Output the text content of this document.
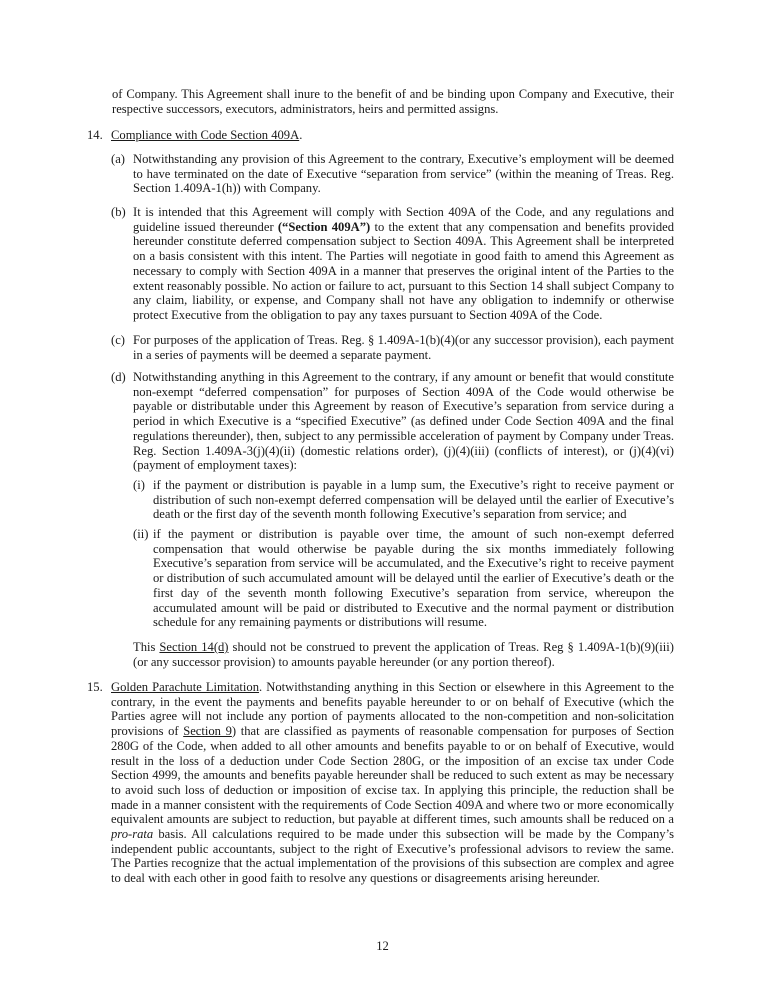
of Company. This Agreement shall inure to the benefit of and be binding upon Company and Executive, their respective successors, executors, administrators, heirs and permitted assigns.
14. Compliance with Code Section 409A.
(a) Notwithstanding any provision of this Agreement to the contrary, Executive’s employment will be deemed to have terminated on the date of Executive “separation from service” (within the meaning of Treas. Reg. Section 1.409A-1(h)) with Company.
(b) It is intended that this Agreement will comply with Section 409A of the Code, and any regulations and guideline issued thereunder (“Section 409A”) to the extent that any compensation and benefits provided hereunder constitute deferred compensation subject to Section 409A. This Agreement shall be interpreted on a basis consistent with this intent. The Parties will negotiate in good faith to amend this Agreement as necessary to comply with Section 409A in a manner that preserves the original intent of the Parties to the extent reasonably possible. No action or failure to act, pursuant to this Section 14 shall subject Company to any claim, liability, or expense, and Company shall not have any obligation to indemnify or otherwise protect Executive from the obligation to pay any taxes pursuant to Section 409A of the Code.
(c) For purposes of the application of Treas. Reg. § 1.409A-1(b)(4)(or any successor provision), each payment in a series of payments will be deemed a separate payment.
(d) Notwithstanding anything in this Agreement to the contrary, if any amount or benefit that would constitute non-exempt “deferred compensation” for purposes of Section 409A of the Code would otherwise be payable or distributable under this Agreement by reason of Executive’s separation from service during a period in which Executive is a “specified Executive” (as defined under Code Section 409A and the final regulations thereunder), then, subject to any permissible acceleration of payment by Company under Treas. Reg. Section 1.409A-3(j)(4)(ii) (domestic relations order), (j)(4)(iii) (conflicts of interest), or (j)(4)(vi) (payment of employment taxes):
(i) if the payment or distribution is payable in a lump sum, the Executive’s right to receive payment or distribution of such non-exempt deferred compensation will be delayed until the earlier of Executive’s death or the first day of the seventh month following Executive’s separation from service; and
(ii) if the payment or distribution is payable over time, the amount of such non-exempt deferred compensation that would otherwise be payable during the six months immediately following Executive’s separation from service will be accumulated, and the Executive’s right to receive payment or distribution of such accumulated amount will be delayed until the earlier of Executive’s death or the first day of the seventh month following Executive’s separation from service, whereupon the accumulated amount will be paid or distributed to Executive and the normal payment or distribution schedule for any remaining payments or distributions will resume.
This Section 14(d) should not be construed to prevent the application of Treas. Reg § 1.409A-1(b)(9)(iii)(or any successor provision) to amounts payable hereunder (or any portion thereof).
15. Golden Parachute Limitation. Notwithstanding anything in this Section or elsewhere in this Agreement to the contrary, in the event the payments and benefits payable hereunder to or on behalf of Executive (which the Parties agree will not include any portion of payments allocated to the non-competition and non-solicitation provisions of Section 9) that are classified as payments of reasonable compensation for purposes of Section 280G of the Code, when added to all other amounts and benefits payable to or on behalf of Executive, would result in the loss of a deduction under Code Section 280G, or the imposition of an excise tax under Code Section 4999, the amounts and benefits payable hereunder shall be reduced to such extent as may be necessary to avoid such loss of deduction or imposition of excise tax. In applying this principle, the reduction shall be made in a manner consistent with the requirements of Code Section 409A and where two or more economically equivalent amounts are subject to reduction, but payable at different times, such amounts shall be reduced on a pro-rata basis. All calculations required to be made under this subsection will be made by the Company’s independent public accountants, subject to the right of Executive’s professional advisors to review the same. The Parties recognize that the actual implementation of the provisions of this subsection are complex and agree to deal with each other in good faith to resolve any questions or disagreements arising hereunder.
12
